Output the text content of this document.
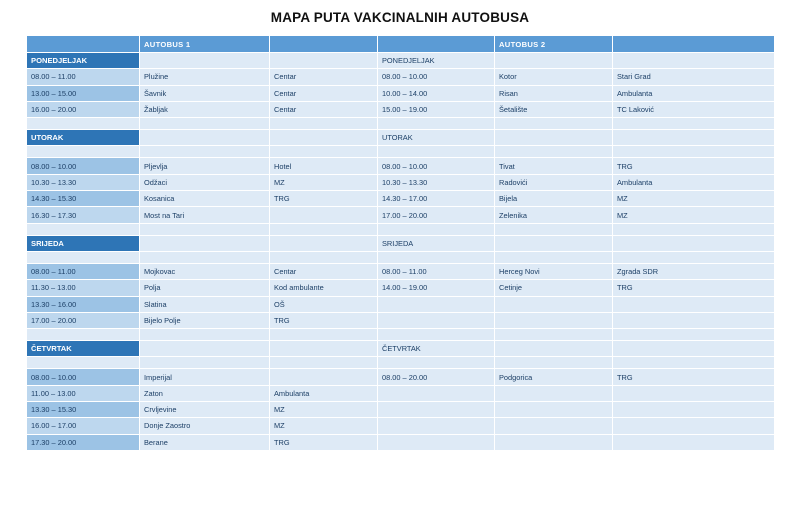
MAPA PUTA VAKCINALNIH AUTOBUSA
	AUTOBUS 1			AUTOBUS 2	
PONEDJELJAK			PONEDJELJAK		
08.00 – 11.00	Plužine	Centar	08.00 – 10.00	Kotor	Stari Grad
13.00 – 15.00	Šavnik	Centar	10.00 – 14.00	Risan	Ambulanta
16.00 – 20.00	Žabljak	Centar	15.00 – 19.00	Šetalište	TC Laković

UTORAK			UTORAK		

08.00 – 10.00	Pljevlja	Hotel	08.00 – 10.00	Tivat	TRG
10.30 – 13.30	Odžaci	MZ	10.30 – 13.30	Radovići	Ambulanta
14.30 – 15.30	Kosanica	TRG	14.30 – 17.00	Bijela	MZ
16.30 – 17.30	Most na Tari		17.00 – 20.00	Zelenika	MZ

SRIJEDA			SRIJEDA		

08.00 – 11.00	Mojkovac	Centar	08.00 – 11.00	Herceg Novi	Zgrada SDR
11.30 – 13.00	Polja	Kod ambulante	14.00 – 19.00	Cetinje	TRG
13.30 – 16.00	Slatina	OŠ			
17.00 – 20.00	Bijelo Polje	TRG			

ČETVRTAK			ČETVRTAK		

08.00 – 10.00	Imperijal		08.00 – 20.00	Podgorica	TRG
11.00 – 13.00	Zaton	Ambulanta			
13.30 – 15.30	Crvljevine	MZ			
16.00 – 17.00	Donje Zaostro	MZ			
17.30 – 20.00	Berane	TRG			
